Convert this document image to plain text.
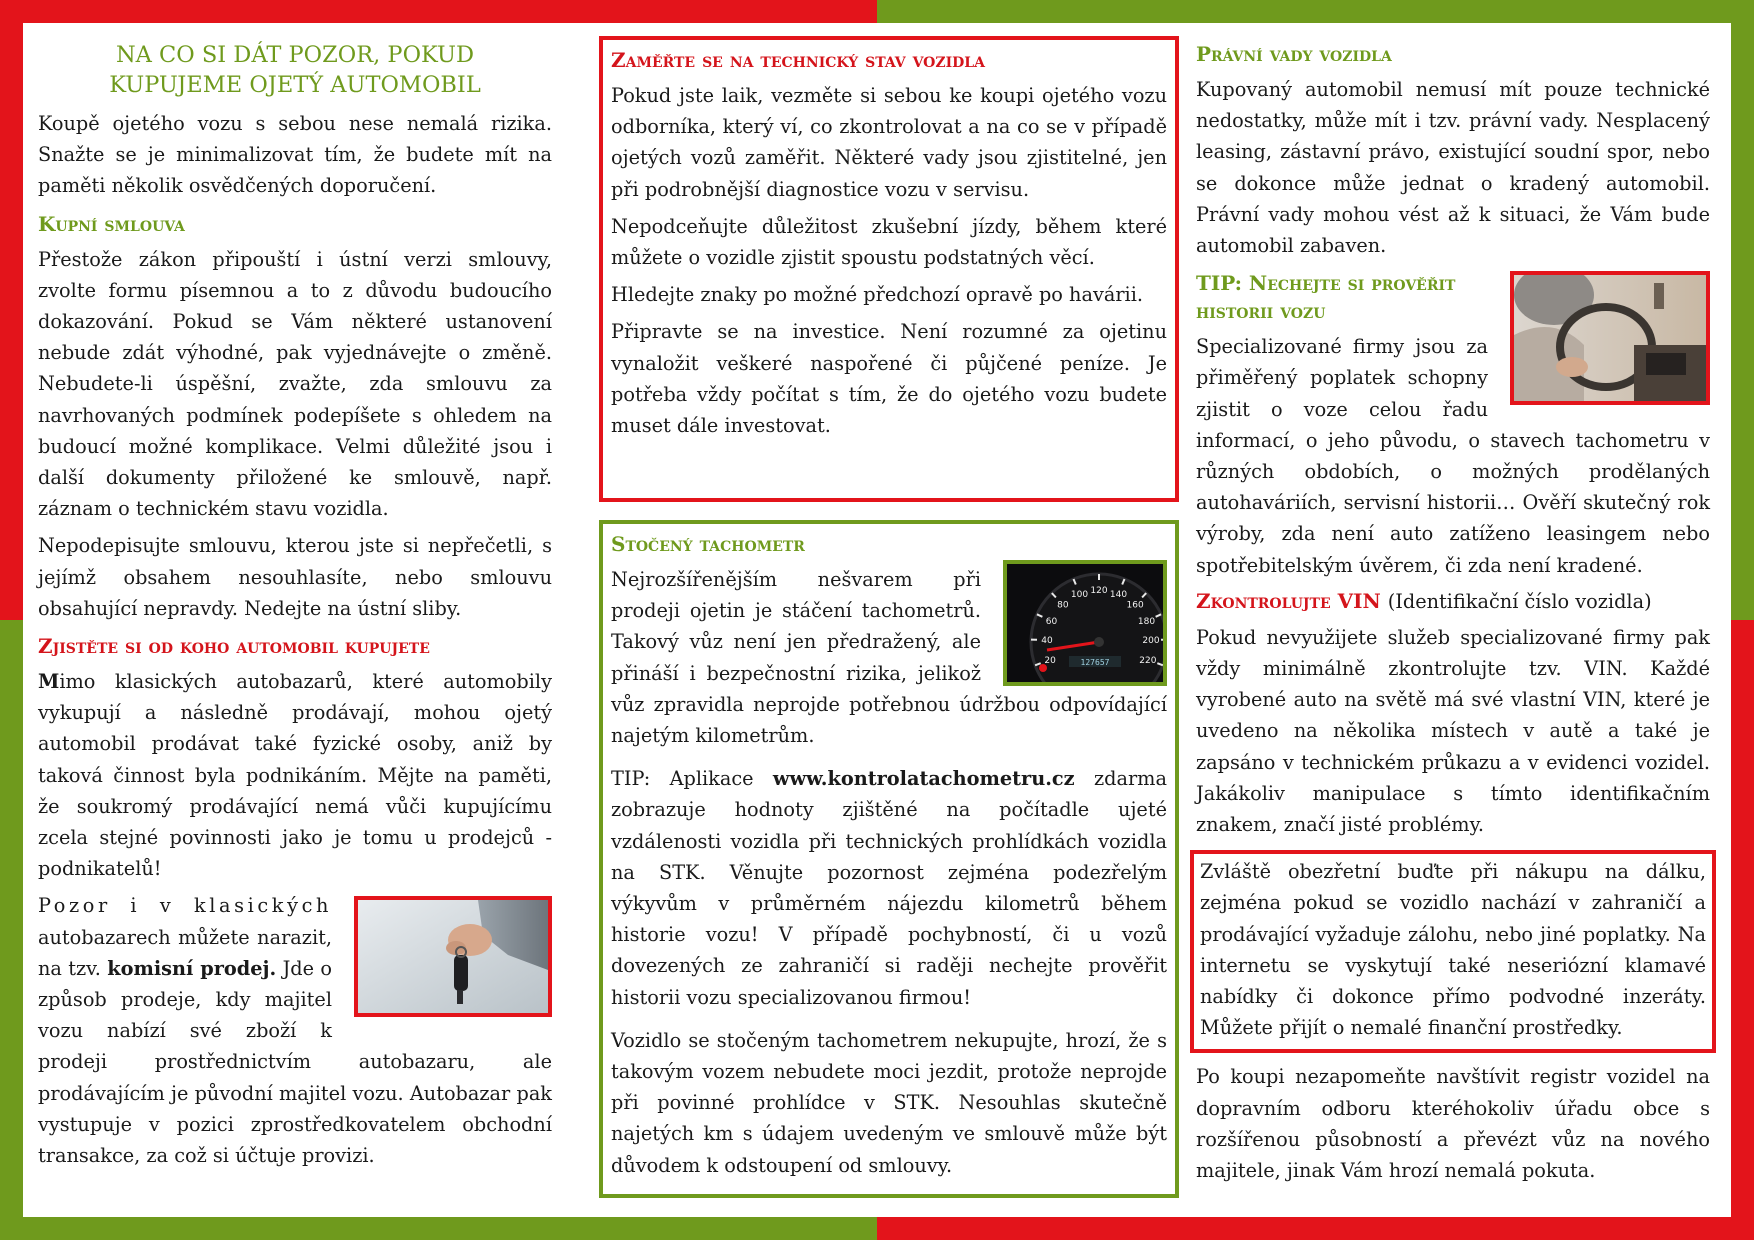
NA CO SI DÁT POZOR, POKUD
KUPUJEME OJETÝ AUTOMOBIL

Koupě ojetého vozu s sebou nese nemalá rizika. Snažte se je minimalizovat tím, že budete mít na paměti několik osvědčených doporučení.

Kupní smlouva

Přestože zákon připouští i ústní verzi smlouvy, zvolte formu písemnou a to z důvodu budoucího dokazování. Pokud se Vám některé ustanovení nebude zdát výhodné, pak vyjednávejte o změně. Nebudete-li úspěšní, zvažte, zda smlouvu za navrhovaných podmínek podepíšete s ohledem na budoucí možné komplikace. Velmi důležité jsou i další dokumenty přiložené ke smlouvě, např. záznam o technickém stavu vozidla.

Nepodepisujte smlouvu, kterou jste si nepřečetli, s jejímž obsahem nesouhlasíte, nebo smlouvu obsahující nepravdy. Nedejte na ústní sliby.

Zjistěte si od koho automobil kupujete

Mimo klasických autobazarů, které automobily vykupují a následně prodávají, mohou ojetý automobil prodávat také fyzické osoby, aniž by taková činnost byla podnikáním. Mějte na paměti, že soukromý prodávající nemá vůči kupujícímu zcela stejné povinnosti jako je tomu u prodejců - podnikatelů!

Pozor i v klasických autobazarech můžete narazit, na tzv. komisní prodej. Jde o způsob prodeje, kdy majitel vozu nabízí své zboží k prodeji prostřednictvím autobazaru, ale prodávajícím je původní majitel vozu. Autobazar pak vystupuje v pozici zprostředkovatelem obchodní transakce, za což si účtuje provizi.

Zaměřte se na technický stav vozidla

Pokud jste laik, vezměte si sebou ke koupi ojetého vozu odborníka, který ví, co zkontrolovat a na co se v případě ojetých vozů zaměřit. Některé vady jsou zjistitelné, jen při podrobnější diagnostice vozu v servisu.

Nepodceňujte důležitost zkušební jízdy, během které můžete o vozidle zjistit spoustu podstatných věcí.

Hledejte znaky po možné předchozí opravě po havárii.

Připravte se na investice. Není rozumné za ojetinu vynaložit veškeré naspořené či půjčené peníze. Je potřeba vždy počítat s tím, že do ojetého vozu budete muset dále investovat.

Stočený tachometr
20
40
60
80
100 120 140
160
180
200
220
127657

Nejrozšířenějším nešvarem při prodeji ojetin je stáčení tachometrů. Takový vůz není jen předražený, ale přináší i bezpečnostní rizika, jelikož vůz zpravidla neprojde potřebnou údržbou odpovídající najetým kilometrům.

TIP: Aplikace www.kontrolatachometru.cz zdarma zobrazuje hodnoty zjištěné na počítadle ujeté vzdálenosti vozidla při technických prohlídkách vozidla na STK. Věnujte pozornost zejména podezřelým výkyvům v průměrném nájezdu kilometrů během historie vozu! V případě pochybností, či u vozů dovezených ze zahraničí si raději nechejte prověřit historii vozu specializovanou firmou!

Vozidlo se stočeným tachometrem nekupujte, hrozí, že s takovým vozem nebudete moci jezdit, protože neprojde při povinné prohlídce v STK. Nesouhlas skutečně najetých km s údajem uvedeným ve smlouvě může být důvodem k odstoupení od smlouvy.

Právní vady vozidla

Kupovaný automobil nemusí mít pouze technické nedostatky, může mít i tzv. právní vady. Nesplacený leasing, zástavní právo, existující soudní spor, nebo se dokonce může jednat o kradený automobil. Právní vady mohou vést až k situaci, že Vám bude automobil zabaven.

TIP: Nechejte si prověřit
historii vozu

Specializované firmy jsou za přiměřený poplatek schopny zjistit o voze celou řadu informací, o jeho původu, o stavech tachometru v různých obdobích, o možných prodělaných autohaváriích, servisní historii… Ověří skutečný rok výroby, zda není auto zatíženo leasingem nebo spotřebitelským úvěrem, či zda není kradené.

Zkontrolujte VIN (Identifikační číslo vozidla)

Pokud nevyužijete služeb specializované firmy pak vždy minimálně zkontrolujte tzv. VIN. Každé vyrobené auto na světě má své vlastní VIN, které je uvedeno na několika místech v autě a také je zapsáno v technickém průkazu a v evidenci vozidel. Jakákoliv manipulace s tímto identifikačním znakem, značí jisté problémy.

Zvláště obezřetní buďte při nákupu na dálku, zejména pokud se vozidlo nachází v zahraničí a prodávající vyžaduje zálohu, nebo jiné poplatky. Na internetu se vyskytují také neseriózní klamavé nabídky či dokonce přímo podvodné inzeráty. Můžete přijít o nemalé finanční prostředky.

Po koupi nezapomeňte navštívit registr vozidel na dopravním odboru kteréhokoliv úřadu obce s rozšířenou působností a převézt vůz na nového majitele, jinak Vám hrozí nemalá pokuta.
